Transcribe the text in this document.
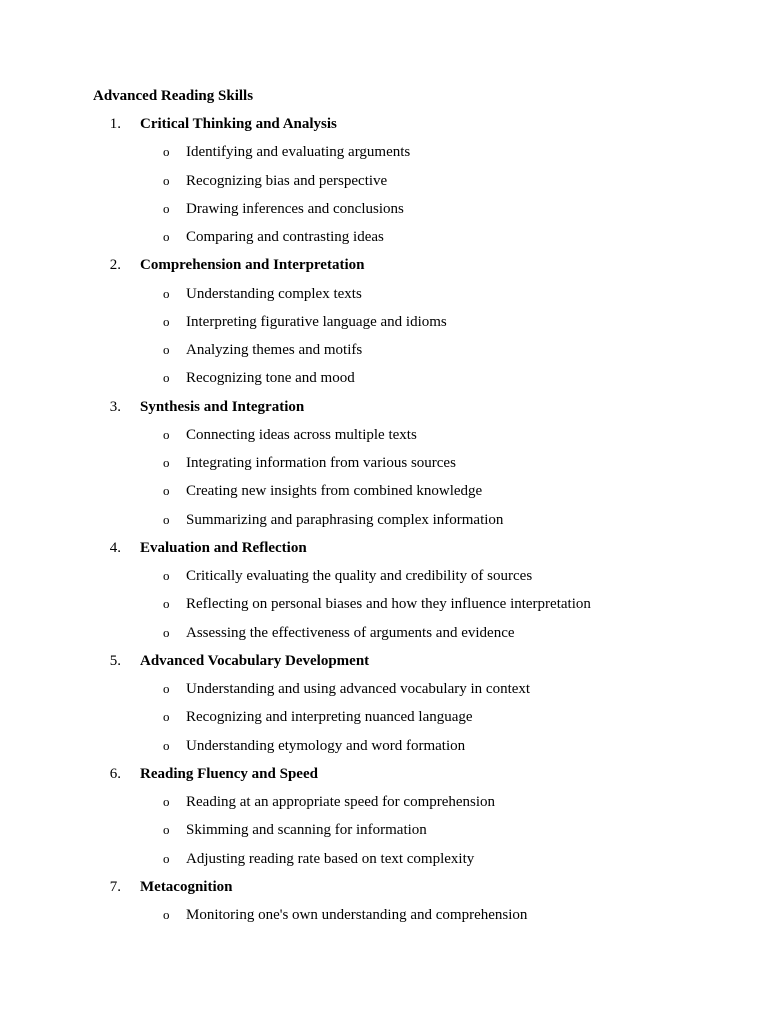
Advanced Reading Skills
1. Critical Thinking and Analysis
o Identifying and evaluating arguments
o Recognizing bias and perspective
o Drawing inferences and conclusions
o Comparing and contrasting ideas
2. Comprehension and Interpretation
o Understanding complex texts
o Interpreting figurative language and idioms
o Analyzing themes and motifs
o Recognizing tone and mood
3. Synthesis and Integration
o Connecting ideas across multiple texts
o Integrating information from various sources
o Creating new insights from combined knowledge
o Summarizing and paraphrasing complex information
4. Evaluation and Reflection
o Critically evaluating the quality and credibility of sources
o Reflecting on personal biases and how they influence interpretation
o Assessing the effectiveness of arguments and evidence
5. Advanced Vocabulary Development
o Understanding and using advanced vocabulary in context
o Recognizing and interpreting nuanced language
o Understanding etymology and word formation
6. Reading Fluency and Speed
o Reading at an appropriate speed for comprehension
o Skimming and scanning for information
o Adjusting reading rate based on text complexity
7. Metacognition
o Monitoring one's own understanding and comprehension
